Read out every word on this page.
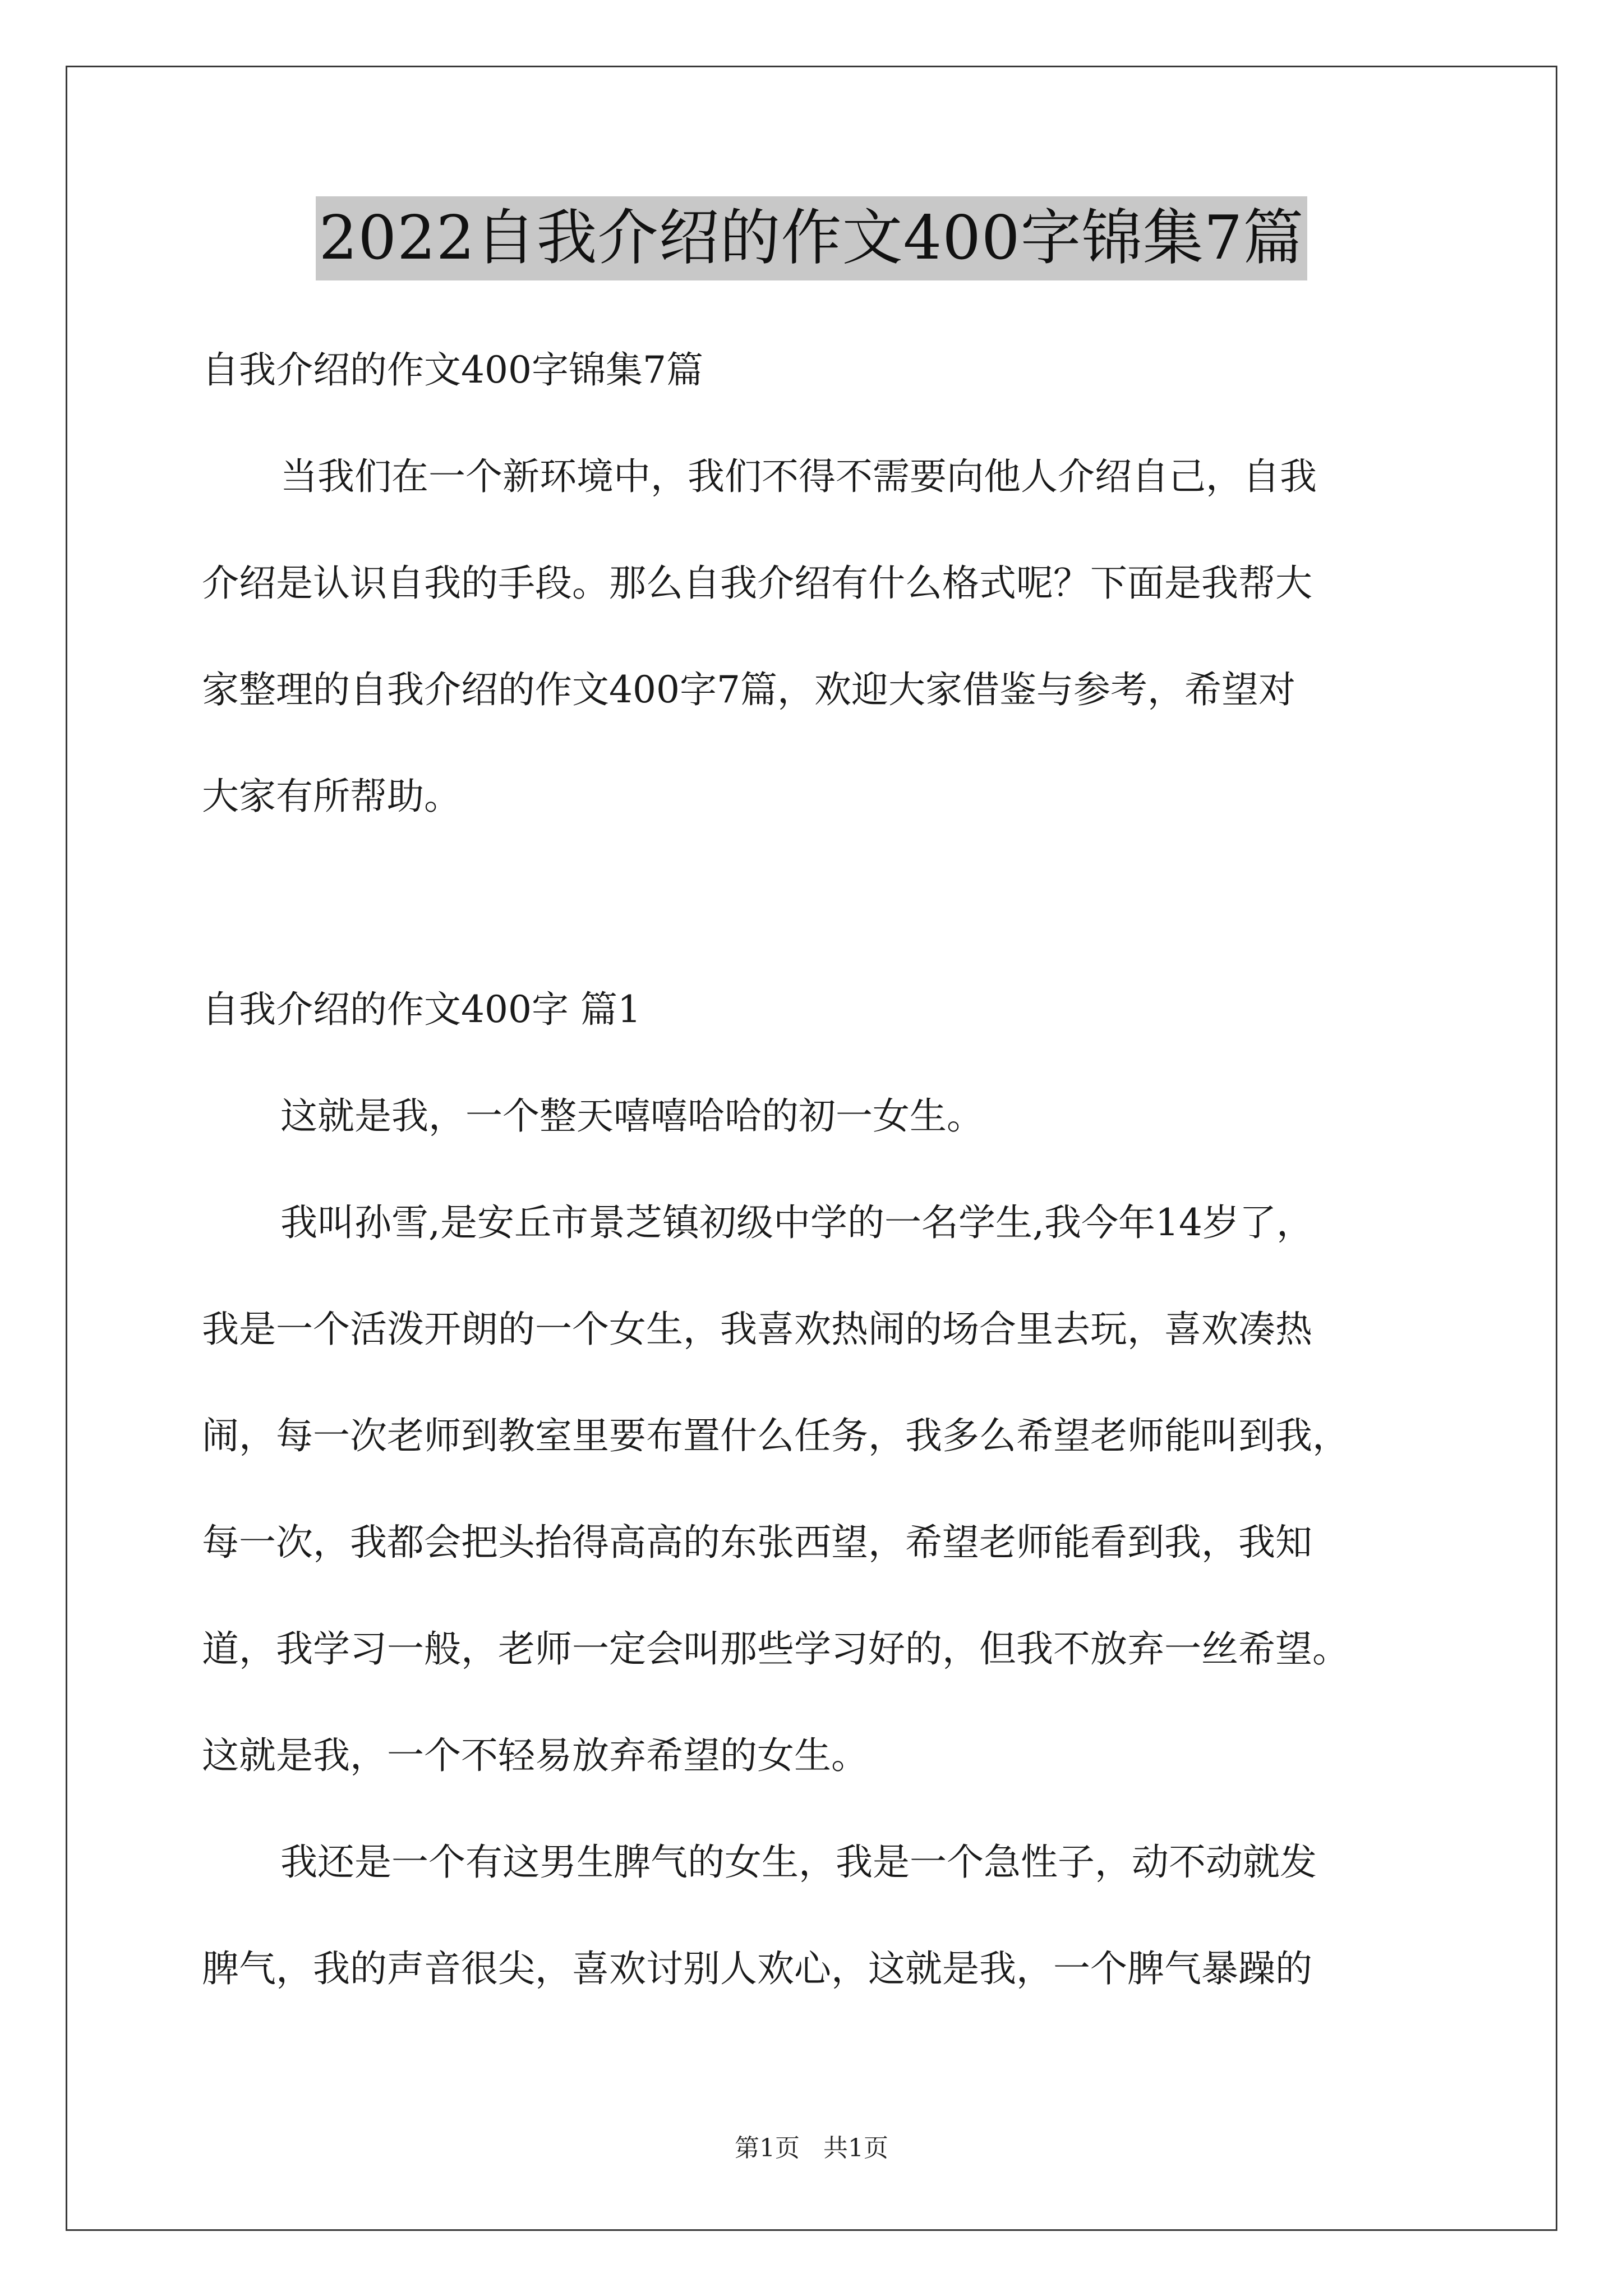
2022自我介绍的作文400字锦集7篇

自我介绍的作文400字锦集7篇

当我们在一个新环境中，我们不得不需要向他人介绍自己，自我

介绍是认识自我的手段。那么自我介绍有什么格式呢？下面是我帮大

家整理的自我介绍的作文400字7篇，欢迎大家借鉴与参考，希望对

大家有所帮助。

自我介绍的作文400字 篇1

这就是我，一个整天嘻嘻哈哈的初一女生。

我叫孙雪,是安丘市景芝镇初级中学的一名学生,我今年14岁了，

我是一个活泼开朗的一个女生，我喜欢热闹的场合里去玩，喜欢凑热

闹，每一次老师到教室里要布置什么任务，我多么希望老师能叫到我，

每一次，我都会把头抬得高高的东张西望，希望老师能看到我，我知

道，我学习一般，老师一定会叫那些学习好的，但我不放弃一丝希望。

这就是我，一个不轻易放弃希望的女生。

我还是一个有这男生脾气的女生，我是一个急性子，动不动就发

脾气，我的声音很尖，喜欢讨别人欢心，这就是我，一个脾气暴躁的

第1页 共1页
